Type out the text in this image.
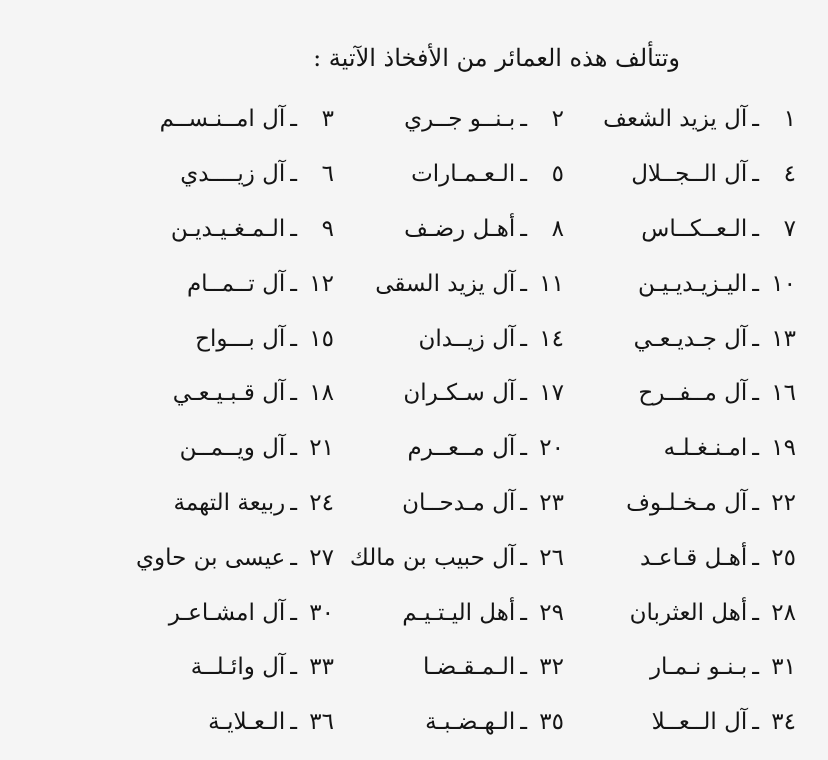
وتتألف هذه العمائر من الأفخاذ الآتية :
١
ـ
آل يزيد الشعف
٢
ـ
بـنــو جــري
٣
ـ
آل امــنـســم
٤
ـ
آل الــجــلال
٥
ـ
الـعـمـارات
٦
ـ
آل زيــــدي
٧
ـ
الـعــكــاس
٨
ـ
أهـل رضـف
٩
ـ
الـمـغـيـديـن
١٠
ـ
اليـزيـديـيـن
١١
ـ
آل يزيد السقى
١٢
ـ
آل تــمــام
١٣
ـ
آل جـديـعـي
١٤
ـ
آل زيــدان
١٥
ـ
آل بـــواح
١٦
ـ
آل مــفــرح
١٧
ـ
آل سـكـران
١٨
ـ
آل قـبـيـعـي
١٩
ـ
امـنـغـلـه
٢٠
ـ
آل مــعــرم
٢١
ـ
آل ويــمــن
٢٢
ـ
آل مـخـلـوف
٢٣
ـ
آل مـدحــان
٢٤
ـ
ربيعة التهمة
٢٥
ـ
أهـل قـاعـد
٢٦
ـ
آل حبيب بن مالك
٢٧
ـ
عيسى بن حاوي
٢٨
ـ
أهل العثربان
٢٩
ـ
أهل اليـتـيـم
٣٠
ـ
آل امشـاعـر
٣١
ـ
بـنـو نـمـار
٣٢
ـ
الـمـقـضـا
٣٣
ـ
آل وائـلــة
٣٤
ـ
آل الــعــلا
٣٥
ـ
الـهـضـبـة
٣٦
ـ
الـعـلايـة
